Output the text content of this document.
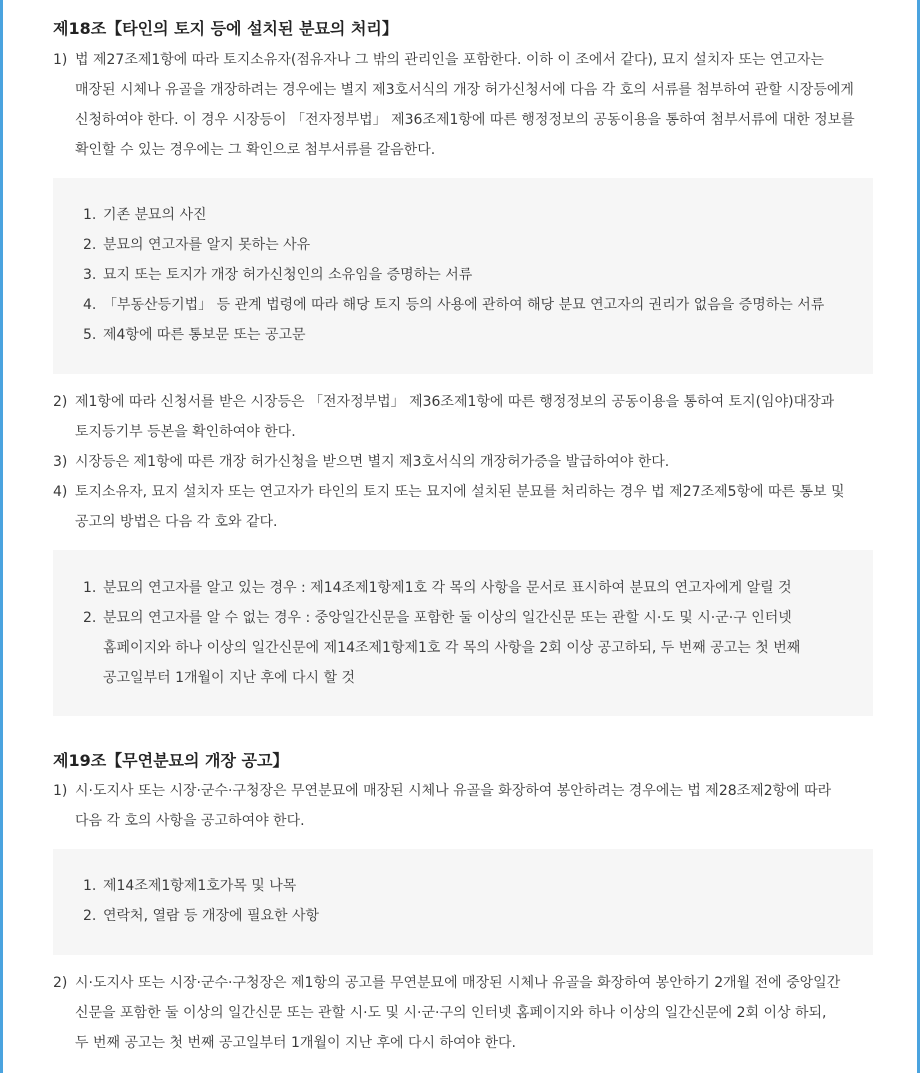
제18조【타인의 토지 등에 설치된 분묘의 처리】
1) 법 제27조제1항에 따라 토지소유자(점유자나 그 밖의 관리인을 포함한다. 이하 이 조에서 같다), 묘지 설치자 또는 연고자는
매장된 시체나 유골을 개장하려는 경우에는 별지 제3호서식의 개장 허가신청서에 다음 각 호의 서류를 첨부하여 관할 시장등에게
신청하여야 한다. 이 경우 시장등이 「전자정부법」 제36조제1항에 따른 행정정보의 공동이용을 통하여 첨부서류에 대한 정보를
확인할 수 있는 경우에는 그 확인으로 첨부서류를 갈음한다.
1. 기존 분묘의 사진
2. 분묘의 연고자를 알지 못하는 사유
3. 묘지 또는 토지가 개장 허가신청인의 소유임을 증명하는 서류
4. 「부동산등기법」 등 관계 법령에 따라 해당 토지 등의 사용에 관하여 해당 분묘 연고자의 권리가 없음을 증명하는 서류
5. 제4항에 따른 통보문 또는 공고문
2) 제1항에 따라 신청서를 받은 시장등은 「전자정부법」 제36조제1항에 따른 행정정보의 공동이용을 통하여 토지(임야)대장과
토지등기부 등본을 확인하여야 한다.
3) 시장등은 제1항에 따른 개장 허가신청을 받으면 별지 제3호서식의 개장허가증을 발급하여야 한다.
4) 토지소유자, 묘지 설치자 또는 연고자가 타인의 토지 또는 묘지에 설치된 분묘를 처리하는 경우 법 제27조제5항에 따른 통보 및
공고의 방법은 다음 각 호와 같다.
1. 분묘의 연고자를 알고 있는 경우 : 제14조제1항제1호 각 목의 사항을 문서로 표시하여 분묘의 연고자에게 알릴 것
2. 분묘의 연고자를 알 수 없는 경우 : 중앙일간신문을 포함한 둘 이상의 일간신문 또는 관할 시·도 및 시·군·구 인터넷
홈페이지와 하나 이상의 일간신문에 제14조제1항제1호 각 목의 사항을 2회 이상 공고하되, 두 번째 공고는 첫 번째
공고일부터 1개월이 지난 후에 다시 할 것
제19조【무연분묘의 개장 공고】
1) 시·도지사 또는 시장·군수·구청장은 무연분묘에 매장된 시체나 유골을 화장하여 봉안하려는 경우에는 법 제28조제2항에 따라
다음 각 호의 사항을 공고하여야 한다.
1. 제14조제1항제1호가목 및 나목
2. 연락처, 열람 등 개장에 필요한 사항
2) 시·도지사 또는 시장·군수·구청장은 제1항의 공고를 무연분묘에 매장된 시체나 유골을 화장하여 봉안하기 2개월 전에 중앙일간
신문을 포함한 둘 이상의 일간신문 또는 관할 시·도 및 시·군·구의 인터넷 홈페이지와 하나 이상의 일간신문에 2회 이상 하되,
두 번째 공고는 첫 번째 공고일부터 1개월이 지난 후에 다시 하여야 한다.
